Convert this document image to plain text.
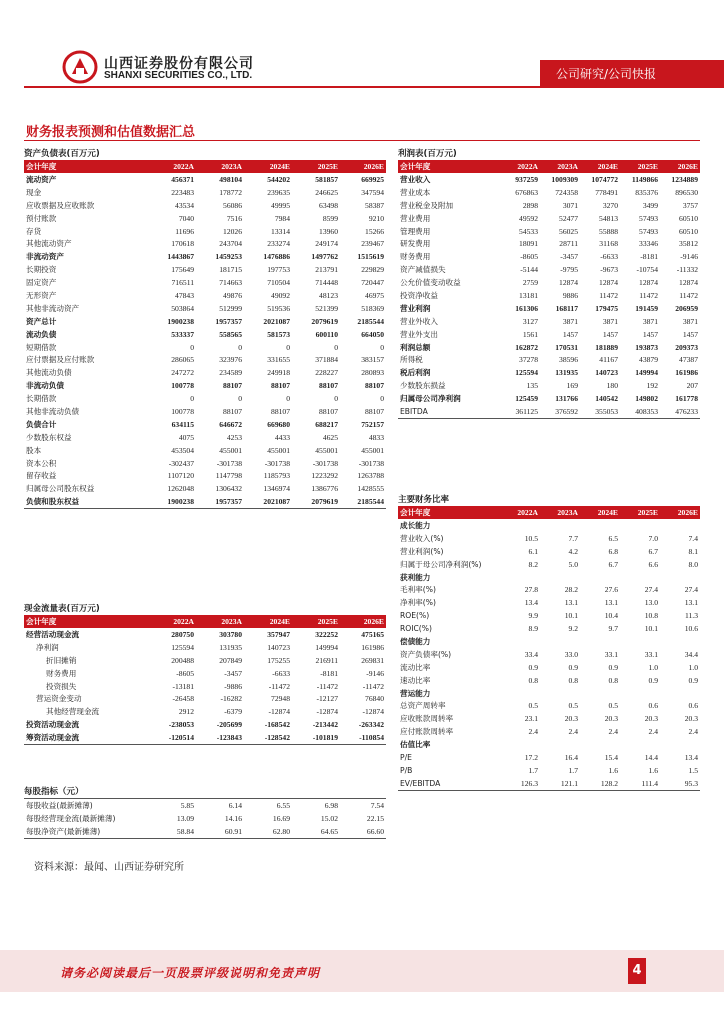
山西证券股份有限公司
SHANXI SECURITIES CO., LTD.	公司研究/公司快报
财务报表预测和估值数据汇总
资产负债表(百万元)
会计年度	2022A	2023A	2024E	2025E	2026E
流动资产	456371	498104	544202	581857	669925
现金	223483	178772	239635	246625	347594
应收票据及应收账款	43534	56086	49995	63498	58387
预付账款	7040	7516	7984	8599	9210
存货	11696	12026	13314	13960	15266
其他流动资产	170618	243704	233274	249174	239467
非流动资产	1443867	1459253	1476886	1497762	1515619
长期投资	175649	181715	197753	213791	229829
固定资产	716511	714663	710504	714448	720447
无形资产	47843	49876	49092	48123	46975
其他非流动资产	503864	512999	519536	521399	518369
资产总计	1900238	1957357	2021087	2079619	2185544
流动负债	533337	558565	581573	600110	664050
短期借款	0	0	0	0	0
应付票据及应付账款	286065	323976	331655	371884	383157
其他流动负债	247272	234589	249918	228227	280893
非流动负债	100778	88107	88107	88107	88107
长期借款	0	0	0	0	0
其他非流动负债	100778	88107	88107	88107	88107
负债合计	634115	646672	669680	688217	752157
少数股东权益	4075	4253	4433	4625	4833
股本	453504	455001	455001	455001	455001
资本公积	-302437	-301738	-301738	-301738	-301738
留存收益	1107120	1147798	1185793	1223292	1263788
归属母公司股东权益	1262048	1306432	1346974	1386776	1428555
负债和股东权益	1900238	1957357	2021087	2079619	2185544
现金流量表(百万元)
会计年度	2022A	2023A	2024E	2025E	2026E
经营活动现金流	280750	303780	357947	322252	475165
净利润	125594	131935	140723	149994	161986
折旧摊销	200488	207849	175255	216911	269831
财务费用	-8605	-3457	-6633	-8181	-9146
投资损失	-13181	-9886	-11472	-11472	-11472
营运资金变动	-26458	-16282	72948	-12127	76840
其他经营现金流	2912	-6379	-12874	-12874	-12874
投资活动现金流	-238053	-205699	-168542	-213442	-263342
筹资活动现金流	-120514	-123843	-128542	-101819	-110854
每股指标（元）
每股收益(最新摊薄)	5.85	6.14	6.55	6.98	7.54
每股经营现金流(最新摊薄)	13.09	14.16	16.69	15.02	22.15
每股净资产(最新摊薄)	58.84	60.91	62.80	64.65	66.60
利润表(百万元)
会计年度	2022A	2023A	2024E	2025E	2026E
营业收入	937259	1009309	1074772	1149866	1234889
营业成本	676863	724358	778491	835376	896530
营业税金及附加	2898	3071	3270	3499	3757
营业费用	49592	52477	54813	57493	60510
管理费用	54533	56025	55888	57493	60510
研发费用	18091	28711	31168	33346	35812
财务费用	-8605	-3457	-6633	-8181	-9146
资产减值损失	-5144	-9795	-9673	-10754	-11332
公允价值变动收益	2759	12874	12874	12874	12874
投资净收益	13181	9886	11472	11472	11472
营业利润	161306	168117	179475	191459	206959
营业外收入	3127	3871	3871	3871	3871
营业外支出	1561	1457	1457	1457	1457
利润总额	162872	170531	181889	193873	209373
所得税	37278	38596	41167	43879	47387
税后利润	125594	131935	140723	149994	161986
少数股东损益	135	169	180	192	207
归属母公司净利润	125459	131766	140542	149802	161778
EBITDA	361125	376592	355053	408353	476233
主要财务比率
会计年度	2022A	2023A	2024E	2025E	2026E
成长能力					
营业收入(%)	10.5	7.7	6.5	7.0	7.4
营业利润(%)	6.1	4.2	6.8	6.7	8.1
归属于母公司净利润(%)	8.2	5.0	6.7	6.6	8.0
获利能力					
毛利率(%)	27.8	28.2	27.6	27.4	27.4
净利率(%)	13.4	13.1	13.1	13.0	13.1
ROE(%)	9.9	10.1	10.4	10.8	11.3
ROIC(%)	8.9	9.2	9.7	10.1	10.6
偿债能力					
资产负债率(%)	33.4	33.0	33.1	33.1	34.4
流动比率	0.9	0.9	0.9	1.0	1.0
速动比率	0.8	0.8	0.8	0.9	0.9
营运能力					
总资产周转率	0.5	0.5	0.5	0.6	0.6
应收账款周转率	23.1	20.3	20.3	20.3	20.3
应付账款周转率	2.4	2.4	2.4	2.4	2.4
估值比率					
P/E	17.2	16.4	15.4	14.4	13.4
P/B	1.7	1.7	1.6	1.6	1.5
EV/EBITDA	126.3	121.1	128.2	111.4	95.3
资料来源：最闻、山西证券研究所
请务必阅读最后一页股票评级说明和免责声明	4
